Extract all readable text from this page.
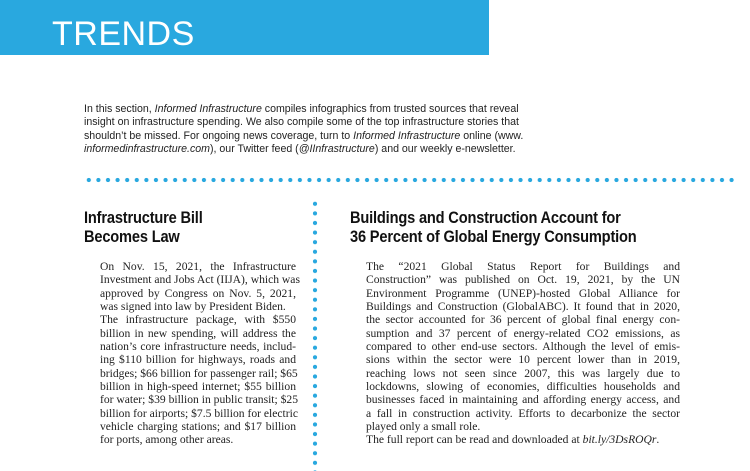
TRENDS
In this section, Informed Infrastructure compiles infographics from trusted sources that reveal
insight on infrastructure spending. We also compile some of the top infrastructure stories that
shouldn’t be missed. For ongoing news coverage, turn to Informed Infrastructure online (www.
informedinfrastructure.com), our Twitter feed (@IInfrastructure) and our weekly e-newsletter.
Infrastructure Bill
Becomes Law

On Nov. 15, 2021, the Infrastructure
Investment and Jobs Act (IIJA), which was
approved by Congress on Nov. 5, 2021,
was signed into law by President Biden.

The infrastructure package, with $550
billion in new spending, will address the
nation’s core infrastructure needs, includ-
ing $110 billion for highways, roads and
bridges; $66 billion for passenger rail; $65
billion in high-speed internet; $55 billion
for water; $39 billion in public transit; $25
billion for airports; $7.5 billion for electric
vehicle charging stations; and $17 billion
for ports, among other areas.

Buildings and Construction Account for
36 Percent of Global Energy Consumption

The “2021 Global Status Report for Buildings and
Construction” was published on Oct. 19, 2021, by the UN
Environment Programme (UNEP)-hosted Global Alliance for
Buildings and Construction (GlobalABC). It found that in 2020,
the sector accounted for 36 percent of global final energy con-
sumption and 37 percent of energy-related CO2 emissions, as
compared to other end-use sectors. Although the level of emis-
sions within the sector were 10 percent lower than in 2019,
reaching lows not seen since 2007, this was largely due to
lockdowns, slowing of economies, difficulties households and
businesses faced in maintaining and affording energy access, and
a fall in construction activity. Efforts to decarbonize the sector
played only a small role.

The full report can be read and downloaded at bit.ly/3DsROQr.
